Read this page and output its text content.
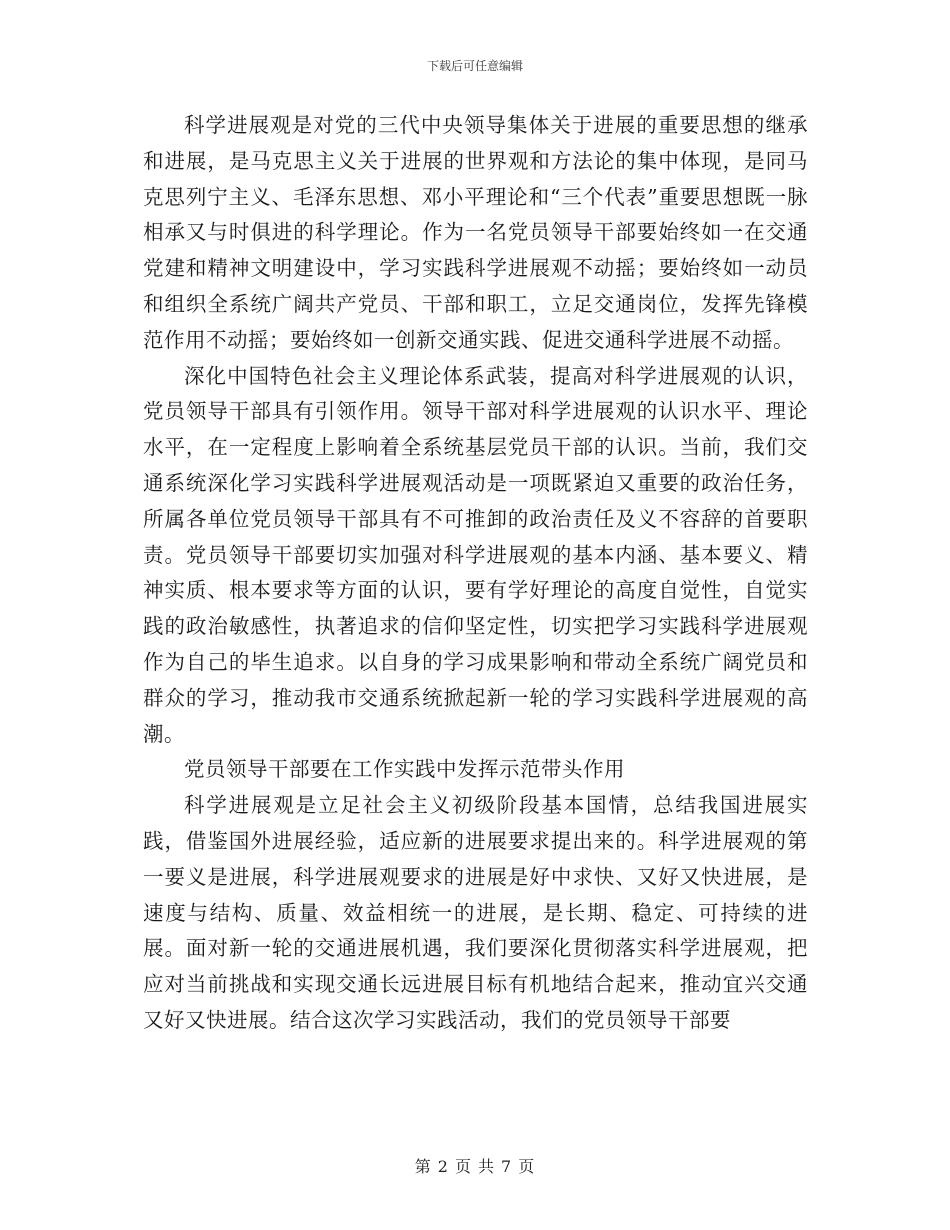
下载后可任意编辑

科学进展观是对党的三代中央领导集体关于进展的重要思想的继承和进展，是马克思主义关于进展的世界观和方法论的集中体现，是同马克思列宁主义、毛泽东思想、邓小平理论和“三个代表”重要思想既一脉相承又与时俱进的科学理论。作为一名党员领导干部要始终如一在交通党建和精神文明建设中，学习实践科学进展观不动摇；要始终如一动员和组织全系统广阔共产党员、干部和职工，立足交通岗位，发挥先锋模范作用不动摇；要始终如一创新交通实践、促进交通科学进展不动摇。

深化中国特色社会主义理论体系武装，提高对科学进展观的认识，党员领导干部具有引领作用。领导干部对科学进展观的认识水平、理论水平，在一定程度上影响着全系统基层党员干部的认识。当前，我们交通系统深化学习实践科学进展观活动是一项既紧迫又重要的政治任务，所属各单位党员领导干部具有不可推卸的政治责任及义不容辞的首要职责。党员领导干部要切实加强对科学进展观的基本内涵、基本要义、精神实质、根本要求等方面的认识，要有学好理论的高度自觉性，自觉实践的政治敏感性，执著追求的信仰坚定性，切实把学习实践科学进展观作为自己的毕生追求。以自身的学习成果影响和带动全系统广阔党员和群众的学习，推动我市交通系统掀起新一轮的学习实践科学进展观的高潮。

党员领导干部要在工作实践中发挥示范带头作用

科学进展观是立足社会主义初级阶段基本国情，总结我国进展实践，借鉴国外进展经验，适应新的进展要求提出来的。科学进展观的第一要义是进展，科学进展观要求的进展是好中求快、又好又快进展，是速度与结构、质量、效益相统一的进展，是长期、稳定、可持续的进展。面对新一轮的交通进展机遇，我们要深化贯彻落实科学进展观，把应对当前挑战和实现交通长远进展目标有机地结合起来，推动宜兴交通又好又快进展。结合这次学习实践活动，我们的党员领导干部要

第 2 页 共 7 页
